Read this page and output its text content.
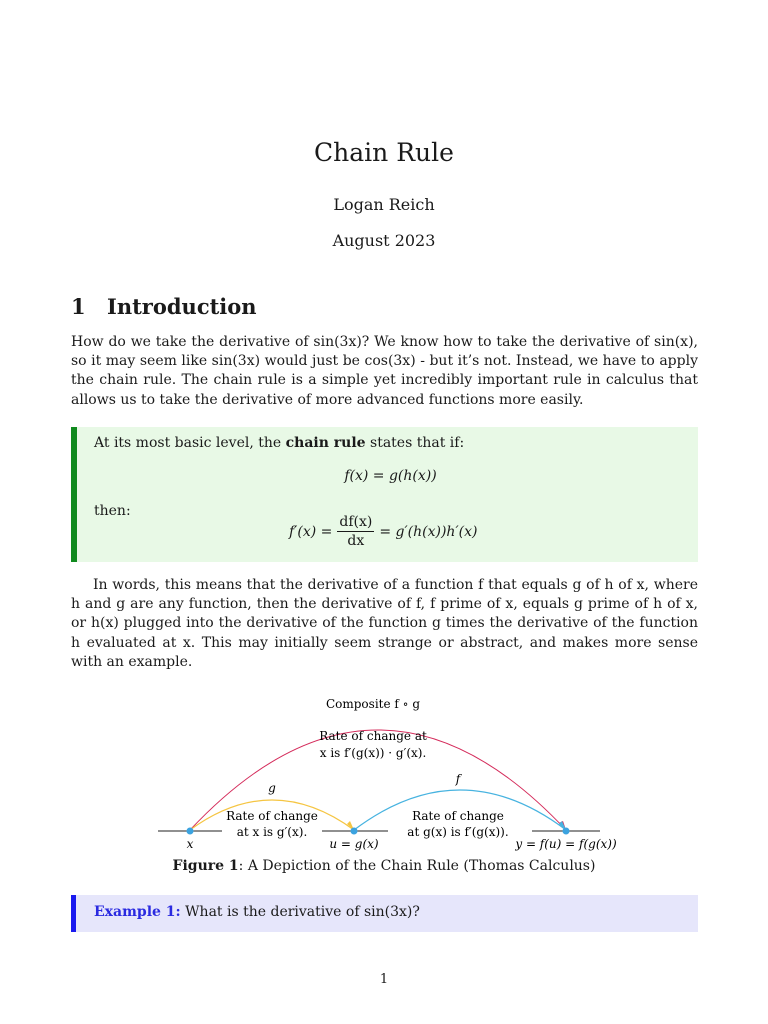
Chain Rule
Logan Reich
August 2023
1 Introduction

How do we take the derivative of sin(3x)? We know how to take the derivative of sin(x), so it may seem like sin(3x) would just be cos(3x) - but it’s not. Instead, we have to apply the chain rule. The chain rule is a simple yet incredibly important rule in calculus that allows us to take the derivative of more advanced functions more easily.

At its most basic level, the chain rule states that if:
f(x) = g(h(x))
then:
$f'(x) = \frac{df(x)}{dx} = g'(h(x))h'(x)$

In words, this means that the derivative of a function f that equals g of h of x, where h and g are any function, then the derivative of f, f prime of x, equals g prime of h of x, or h(x) plugged into the derivative of the function g times the derivative of the function h evaluated at x. This may initially seem strange or abstract, and makes more sense with an example.

Composite f ∘ g
Rate of change at
x is f′(g(x)) · g′(x).
g
Rate of change
at x is g′(x).
f
Rate of change
at g(x) is f′(g(x)).
x	u = g(x)	y = f(u) = f(g(x))
Figure 1: A Depiction of the Chain Rule (Thomas Calculus)
Example 1: What is the derivative of sin(3x)?
1
